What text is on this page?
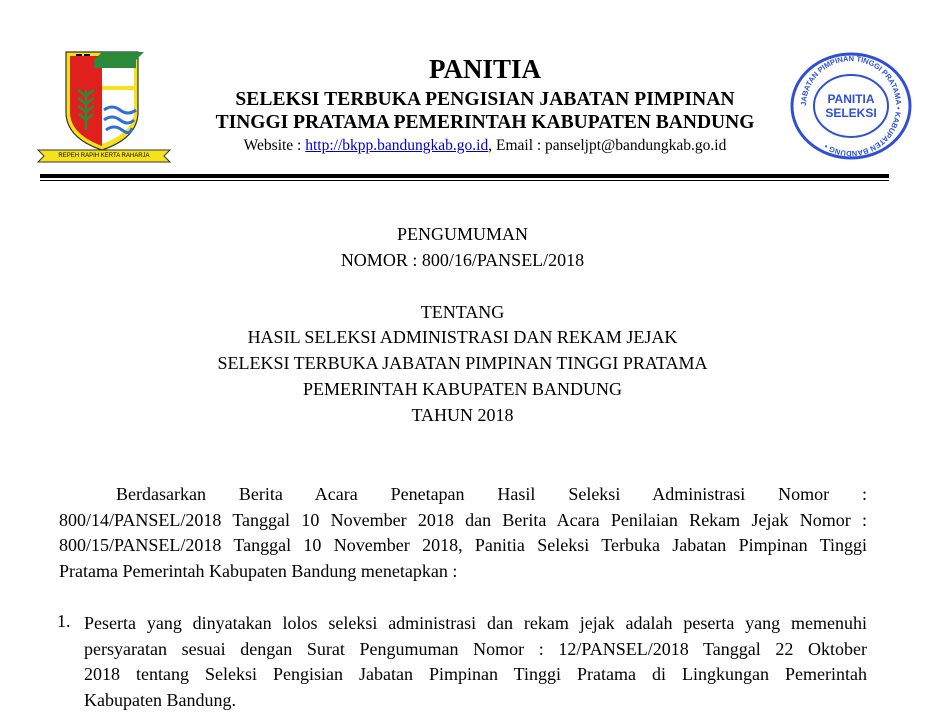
REPEH RAPIH KERTA RAHARJA
PANITIA
SELEKSI TERBUKA PENGISIAN JABATAN PIMPINAN
TINGGI PRATAMA PEMERINTAH KABUPATEN BANDUNG
Website : http://bkpp.bandungkab.go.id, Email : panseljpt@bandungkab.go.id
JABATAN PIMPINAN TINGGI PRATAMA • KABUPATEN BANDUNG •
PANITIA
SELEKSI
PENGUMUMAN
NOMOR : 800/16/PANSEL/2018
TENTANG
HASIL SELEKSI ADMINISTRASI DAN REKAM JEJAK
SELEKSI TERBUKA JABATAN PIMPINAN TINGGI PRATAMA
PEMERINTAH KABUPATEN BANDUNG
TAHUN 2018
Berdasarkan Berita Acara Penetapan Hasil Seleksi Administrasi Nomor :
800/14/PANSEL/2018 Tanggal 10 November 2018 dan Berita Acara Penilaian Rekam Jejak Nomor :
800/15/PANSEL/2018 Tanggal 10 November 2018, Panitia Seleksi Terbuka Jabatan Pimpinan Tinggi
Pratama Pemerintah Kabupaten Bandung menetapkan :
1. Peserta yang dinyatakan lolos seleksi administrasi dan rekam jejak adalah peserta yang memenuhi
persyaratan sesuai dengan Surat Pengumuman Nomor : 12/PANSEL/2018 Tanggal 22 Oktober
2018 tentang Seleksi Pengisian Jabatan Pimpinan Tinggi Pratama di Lingkungan Pemerintah
Kabupaten Bandung.
